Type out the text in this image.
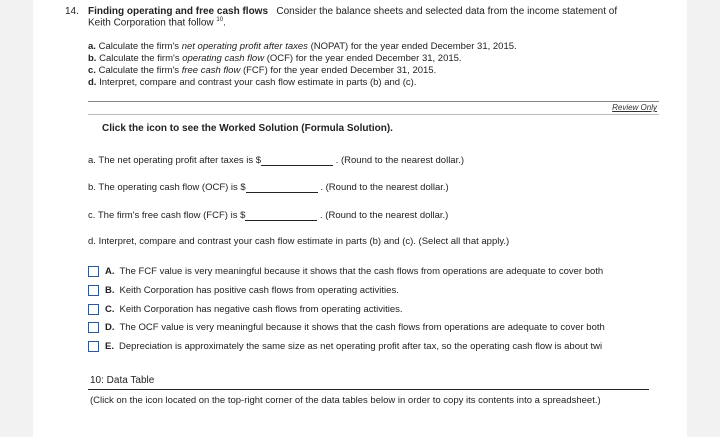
14. Finding operating and free cash flows Consider the balance sheets and selected data from the income statement of
Keith Corporation that follow $^{10}$.
a. Calculate the firm's net operating profit after taxes (NOPAT) for the year ended December 31, 2015.
b. Calculate the firm's operating cash flow (OCF) for the year ended December 31, 2015.
c. Calculate the firm's free cash flow (FCF) for the year ended December 31, 2015.
d. Interpret, compare and contrast your cash flow estimate in parts (b) and (c).
Review Only
Click the icon to see the Worked Solution (Formula Solution).
a. The net operating profit after taxes is $	. (Round to the nearest dollar.)
b. The operating cash flow (OCF) is $	. (Round to the nearest dollar.)
c. The firm's free cash flow (FCF) is $	. (Round to the nearest dollar.)
d. Interpret, compare and contrast your cash flow estimate in parts (b) and (c). (Select all that apply.)
A. The FCF value is very meaningful because it shows that the cash flows from operations are adequate to cover both
B. Keith Corporation has positive cash flows from operating activities.
C. Keith Corporation has negative cash flows from operating activities.
D. The OCF value is very meaningful because it shows that the cash flows from operations are adequate to cover both
E. Depreciation is approximately the same size as net operating profit after tax, so the operating cash flow is about twi
10: Data Table
(Click on the icon located on the top-right corner of the data tables below in order to copy its contents into a spreadsheet.)
